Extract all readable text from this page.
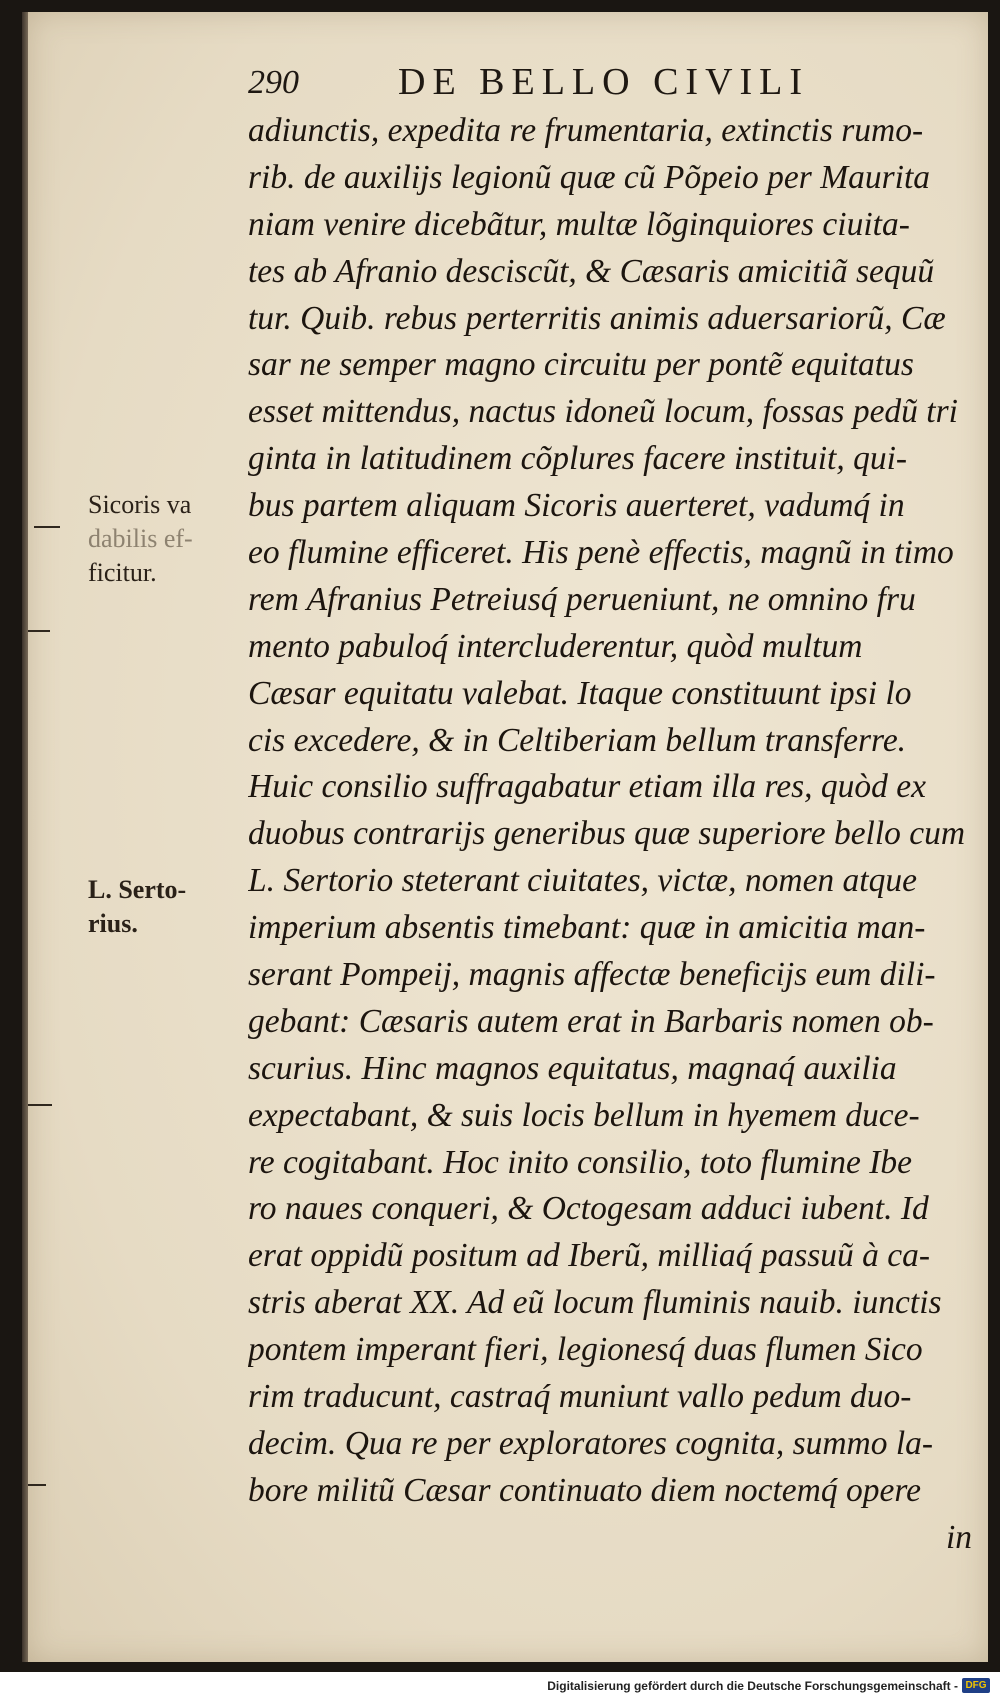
290	DE BELLO CIVILI
Sicoris va
dabilis ef-
ficitur.
L. Serto-
rius.
adiunctis, expedita re frumentaria, extinctis rumo-
rib. de auxilijs legionũ quæ cũ Põpeio per Maurita
niam venire dicebãtur, multæ lõginquiores ciuita-
tes ab Afranio desciscũt, & Cæsaris amicitiã sequũ
tur. Quib. rebus perterritis animis aduersariorũ, Cæ
sar ne semper magno circuitu per pontẽ equitatus
esset mittendus, nactus idoneũ locum, fossas pedũ tri
ginta in latitudinem cõplures facere instituit, qui-
bus partem aliquam Sicoris auerteret, vadumq́ in
eo flumine efficeret. His penè effectis, magnũ in timo
rem Afranius Petreiusq́ perueniunt, ne omnino fru
mento pabuloq́ intercluderentur, quòd multum
Cæsar equitatu valebat. Itaque constituunt ipsi lo
cis excedere, & in Celtiberiam bellum transferre.
Huic consilio suffragabatur etiam illa res, quòd ex
duobus contrarijs generibus quæ superiore bello cum
L. Sertorio steterant ciuitates, victæ, nomen atque
imperium absentis timebant: quæ in amicitia man-
serant Pompeij, magnis affectæ beneficijs eum dili-
gebant: Cæsaris autem erat in Barbaris nomen ob-
scurius. Hinc magnos equitatus, magnaq́ auxilia
expectabant, & suis locis bellum in hyemem duce-
re cogitabant. Hoc inito consilio, toto flumine Ibe
ro naues conqueri, & Octogesam adduci iubent. Id
erat oppidũ positum ad Iberũ, milliaq́ passuũ à ca-
stris aberat XX. Ad eũ locum fluminis nauib. iunctis
pontem imperant fieri, legionesq́ duas flumen Sico
rim traducunt, castraq́ muniunt vallo pedum duo-
decim. Qua re per exploratores cognita, summo la-
bore militũ Cæsar continuato diem noctemq́ opere
in
Digitalisierung gefördert durch die Deutsche Forschungsgemeinschaft - DFG
